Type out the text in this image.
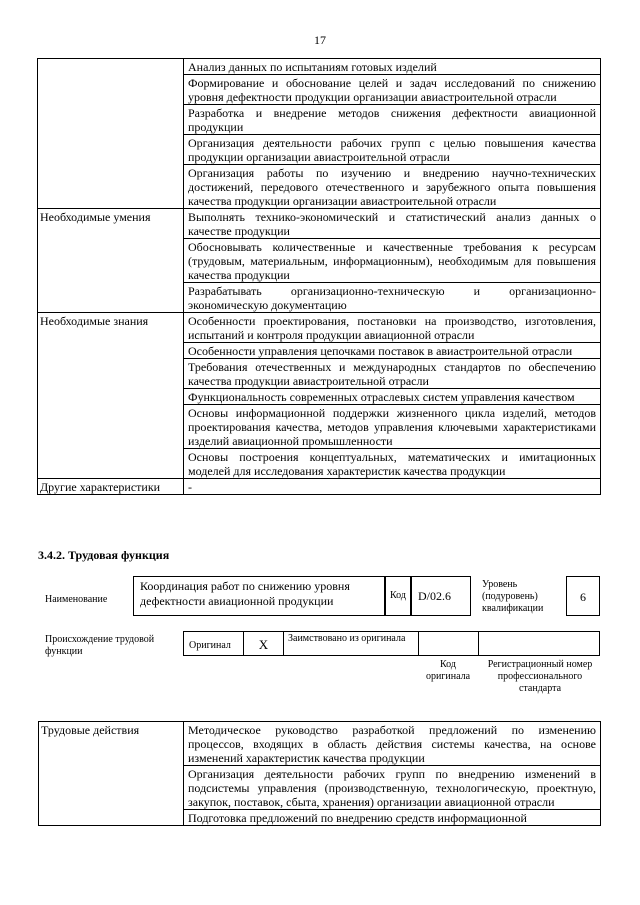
17
	Анализ данных по испытаниям готовых изделий
	Формирование и обоснование целей и задач исследований по снижению уровня дефектности продукции организации авиастроительной отрасли
	Разработка и внедрение методов снижения дефектности авиационной продукции
	Организация деятельности рабочих групп с целью повышения качества продукции организации авиастроительной отрасли
	Организация работы по изучению и внедрению научно-технических достижений, передового отечественного и зарубежного опыта повышения качества продукции организации авиастроительной отрасли
Необходимые умения	Выполнять технико-экономический и статистический анализ данных о качестве продукции
	Обосновывать количественные и качественные требования к ресурсам (трудовым, материальным, информационным), необходимым для повышения качества продукции
	Разрабатывать организационно-техническую и организационно-экономическую документацию
Необходимые знания	Особенности проектирования, постановки на производство, изготовления, испытаний и контроля продукции авиационной отрасли
	Особенности управления цепочками поставок в авиастроительной отрасли
	Требования отечественных и международных стандартов по обеспечению качества продукции авиастроительной отрасли
	Функциональность современных отраслевых систем управления качеством
	Основы информационной поддержки жизненного цикла изделий, методов проектирования качества, методов управления ключевыми характеристиками изделий авиационной промышленности
	Основы построения концептуальных, математических и имитационных моделей для исследования характеристик качества продукции
Другие характеристики	-
3.4.2. Трудовая функция
Наименование
Координация работ по снижению уровня дефектности авиационной продукции	Код	D/02.6
Уровень (подуровень) квалификации
6
Происхождение трудовой функции
Оригинал	X	Заимствовано из оригинала
Код оригинала
Регистрационный номер профессионального стандарта
Трудовые действия	Методическое руководство разработкой предложений по изменению процессов, входящих в область действия системы качества, на основе изменений характеристик качества продукции
Организация деятельности рабочих групп по внедрению изменений в подсистемы управления (производственную, технологическую, проектную, закупок, поставок, сбыта, хранения) организации авиационной отрасли
Подготовка предложений по внедрению средств информационной
